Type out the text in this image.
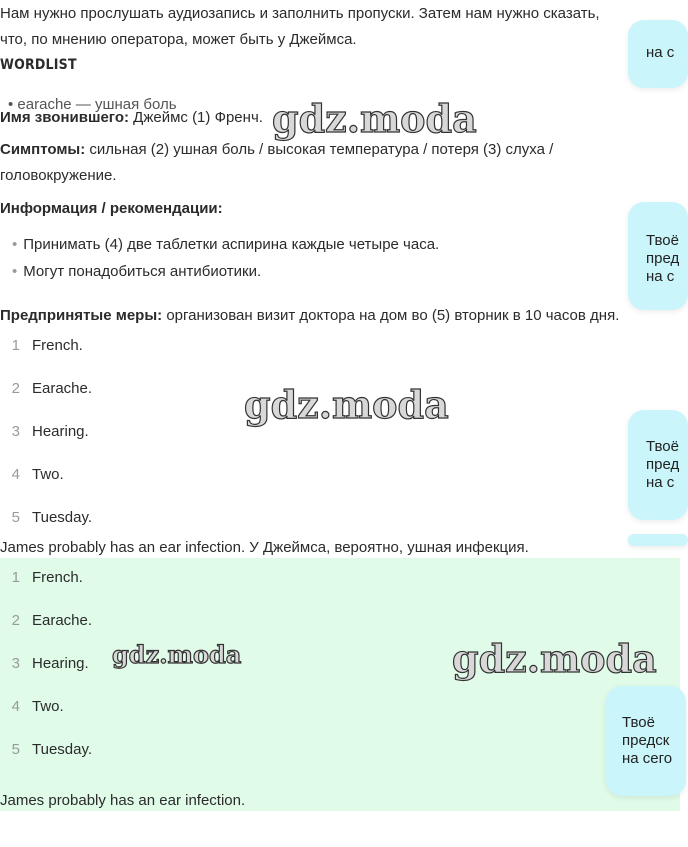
Нам нужно прослушать аудиозапись и заполнить пропуски. Затем нам нужно сказать,
что, по мнению оператора, может быть у Джеймса.
WORDLIST
• earache — ушная боль
Имя звонившего: Джеймс (1) Френч.
Симптомы: сильная (2) ушная боль / высокая температура / потеря (3) слуха /
головокружение.
Информация / рекомендации:
• Принимать (4) две таблетки аспирина каждые четыре часа.
• Могут понадобиться антибиотики.
Предпринятые меры: организован визит доктора на дом во (5) вторник в 10 часов дня.
1 French.
2 Earache.
3 Hearing.
4 Two.
5 Tuesday.
James probably has an ear infection. У Джеймса, вероятно, ушная инфекция.
1 French.
2 Earache.
3 Hearing.
4 Two.
5 Tuesday.
James probably has an ear infection.
на с
Твоё
пред
на с
Твоё
пред
на с
Твоё
предск
на сего
gdz.moda
gdz.moda
gdz.moda	gdz.moda
